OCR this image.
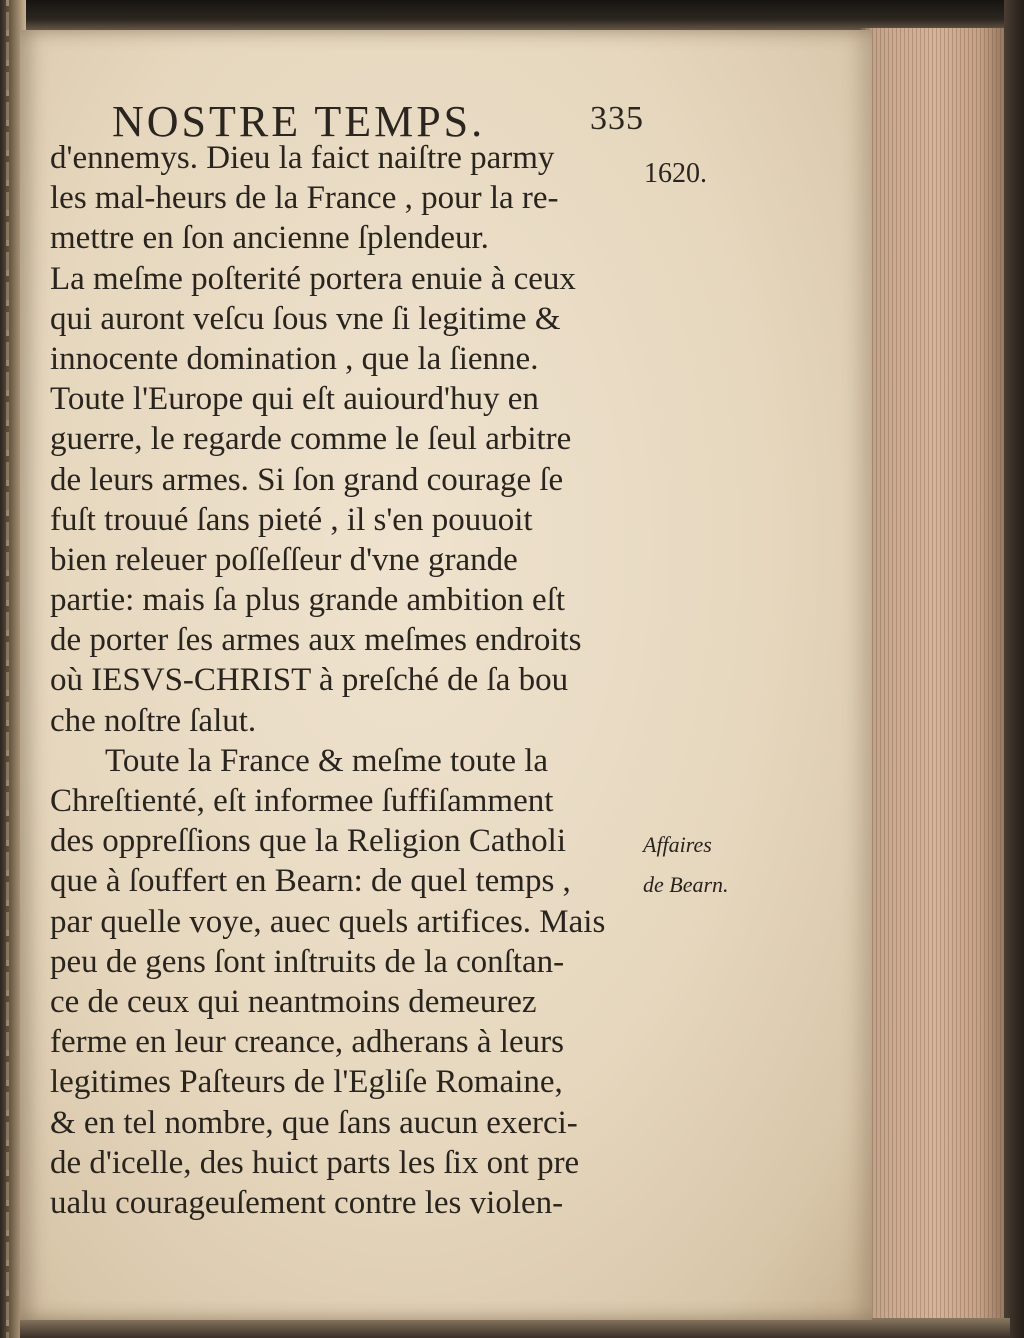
NOSTRE TEMPS.	335
1620.
d'ennemys. Dieu la faict naiſtre parmy
les mal-heurs de la France , pour la re-
mettre en ſon ancienne ſplendeur.
La meſme poſterité portera enuie à ceux
qui auront veſcu ſous vne ſi legitime &
innocente domination , que la ſienne.
Toute l'Europe qui eſt auiourd'huy en
guerre, le regarde comme le ſeul arbitre
de leurs armes. Si ſon grand courage ſe
fuſt trouué ſans pieté , il s'en pouuoit
bien releuer poſſeſſeur d'vne grande
partie: mais ſa plus grande ambition eſt
de porter ſes armes aux meſmes endroits
où IESVS-CHRIST à preſché de ſa bou
che noſtre ſalut.
Toute la France & meſme toute la
Chreſtienté, eſt informee ſuffiſamment
des oppreſſions que la Religion Catholi
que à ſouffert en Bearn: de quel temps ,
par quelle voye, auec quels artifices. Mais
peu de gens ſont inſtruits de la conſtan-
ce de ceux qui neantmoins demeurez
ferme en leur creance, adherans à leurs
legitimes Paſteurs de l'Egliſe Romaine,
& en tel nombre, que ſans aucun exerci-
de d'icelle, des huict parts les ſix ont pre
ualu courageuſement contre les violen-
Affaires
de Bearn.
